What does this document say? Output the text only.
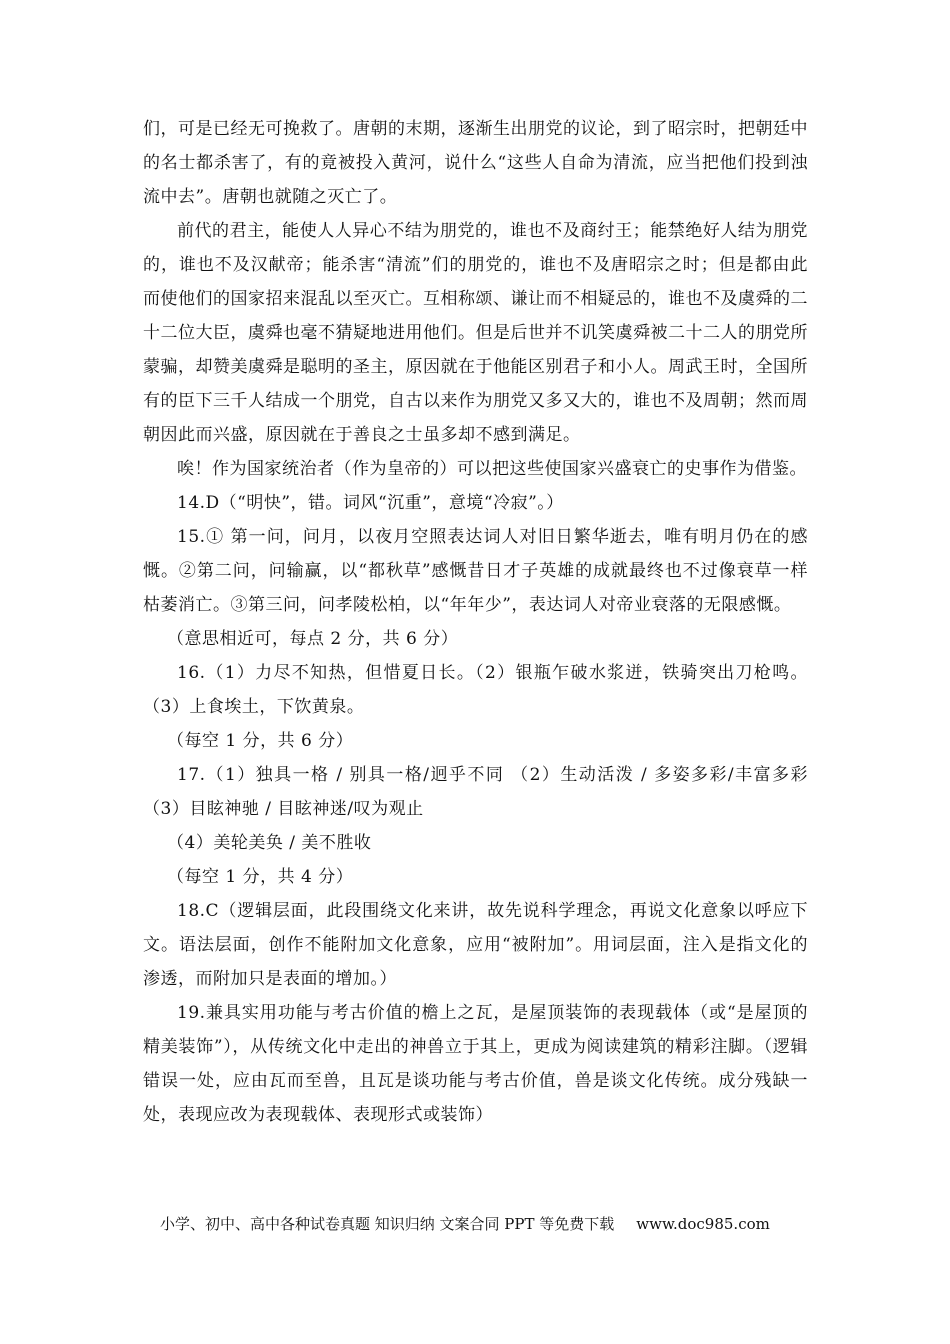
们，可是已经无可挽救了。唐朝的末期，逐渐生出朋党的议论，到了昭宗时，把朝廷中的名士都杀害了，有的竟被投入黄河，说什么“这些人自命为清流，应当把他们投到浊流中去”。唐朝也就随之灭亡了。

前代的君主，能使人人异心不结为朋党的，谁也不及商纣王；能禁绝好人结为朋党的，谁也不及汉献帝；能杀害“清流”们的朋党的，谁也不及唐昭宗之时；但是都由此而使他们的国家招来混乱以至灭亡。互相称颂、谦让而不相疑忌的，谁也不及虞舜的二十二位大臣，虞舜也毫不猜疑地进用他们。但是后世并不讥笑虞舜被二十二人的朋党所蒙骗，却赞美虞舜是聪明的圣主，原因就在于他能区别君子和小人。周武王时，全国所有的臣下三千人结成一个朋党，自古以来作为朋党又多又大的，谁也不及周朝；然而周朝因此而兴盛，原因就在于善良之士虽多却不感到满足。

唉！作为国家统治者（作为皇帝的）可以把这些使国家兴盛衰亡的史事作为借鉴。

14.D（“明快”，错。词风“沉重”，意境“冷寂”。）

15.① 第一问，问月，以夜月空照表达词人对旧日繁华逝去，唯有明月仍在的感慨。②第二问，问输赢，以“都秋草”感慨昔日才子英雄的成就最终也不过像衰草一样枯萎消亡。③第三问，问孝陵松柏，以“年年少”，表达词人对帝业衰落的无限感慨。

（意思相近可，每点 2 分，共 6 分）

16.（1）力尽不知热，但惜夏日长。（2）银瓶乍破水浆迸，铁骑突出刀枪鸣。（3）上食埃土，下饮黄泉。

（每空 1 分，共 6 分）

17.（1）独具一格 / 别具一格/迥乎不同 （2）生动活泼 / 多姿多彩/丰富多彩（3）目眩神驰 / 目眩神迷/叹为观止

（4）美轮美奂 / 美不胜收

（每空 1 分，共 4 分）

18.C（逻辑层面，此段围绕文化来讲，故先说科学理念，再说文化意象以呼应下文。语法层面，创作不能附加文化意象，应用“被附加”。用词层面，注入是指文化的渗透，而附加只是表面的增加。）

19.兼具实用功能与考古价值的檐上之瓦，是屋顶装饰的表现载体（或“是屋顶的精美装饰”），从传统文化中走出的神兽立于其上，更成为阅读建筑的精彩注脚。（逻辑错误一处，应由瓦而至兽，且瓦是谈功能与考古价值，兽是谈文化传统。成分残缺一处，表现应改为表现载体、表现形式或装饰）

小学、初中、高中各种试卷真题 知识归纳 文案合同 PPT 等免费下载 www.doc985.com
